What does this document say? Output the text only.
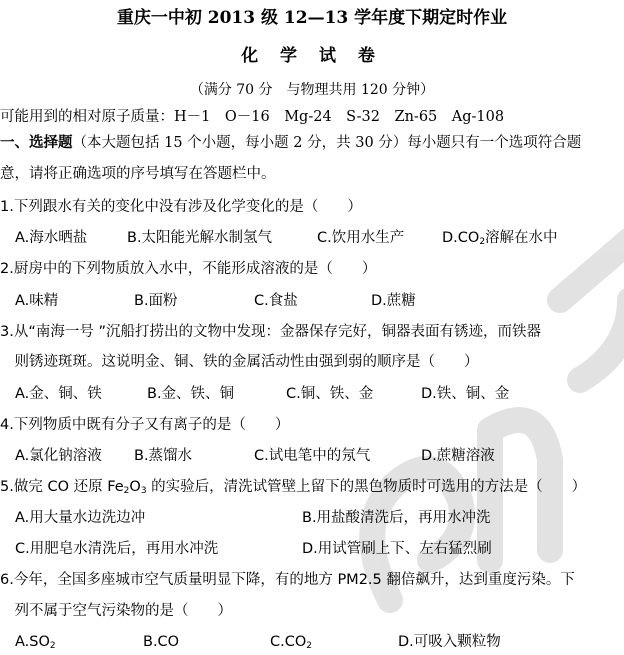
重庆一中初 2013 级 12—13 学年度下期定时作业
化 学 试 卷
（满分 70 分　与物理共用 120 分钟）
可能用到的相对原子质量：H－1　O－16　Mg-24　S-32　Zn-65　Ag-108
一、选择题（本大题包括 15 个小题，每小题 2 分，共 30 分）每小题只有一个选项符合题
意，请将正确选项的序号填写在答题栏中。
1.下列跟水有关的变化中没有涉及化学变化的是（　　）
A.海水晒盐	B.太阳能光解水制氢气	C.饮用水生产	$D.CO_2$溶解在水中
2.厨房中的下列物质放入水中，不能形成溶液的是（　　）
A.味精	B.面粉	C.食盐	D.蔗糖
3.从“南海一号 ”沉船打捞出的文物中发现：金器保存完好，铜器表面有锈迹，而铁器
　则锈迹斑斑。这说明金、铜、铁的金属活动性由强到弱的顺序是（　　）
A.金、铜、铁	B.金、铁、铜	C.铜、铁、金	D.铁、铜、金
4.下列物质中既有分子又有离子的是（　　）
A.氯化钠溶液 B.蒸馏水	C.试电笔中的氖气	D.蔗糖溶液
5.做完 CO 还原 $Fe_2O_3$ 的实验后，清洗试管壁上留下的黑色物质时可选用的方法是（　　）
A.用大量水边洗边冲	B.用盐酸清洗后，再用水冲洗
C.用肥皂水清洗后，再用水冲洗	D.用试管刷上下、左右猛烈刷
6.今年，全国多座城市空气质量明显下降，有的地方 PM2.5 翻倍飙升，达到重度污染。下
　列不属于空气污染物的是（　　）
$A.SO_2$	B.CO	$C.CO_2$	D.可吸入颗粒物
